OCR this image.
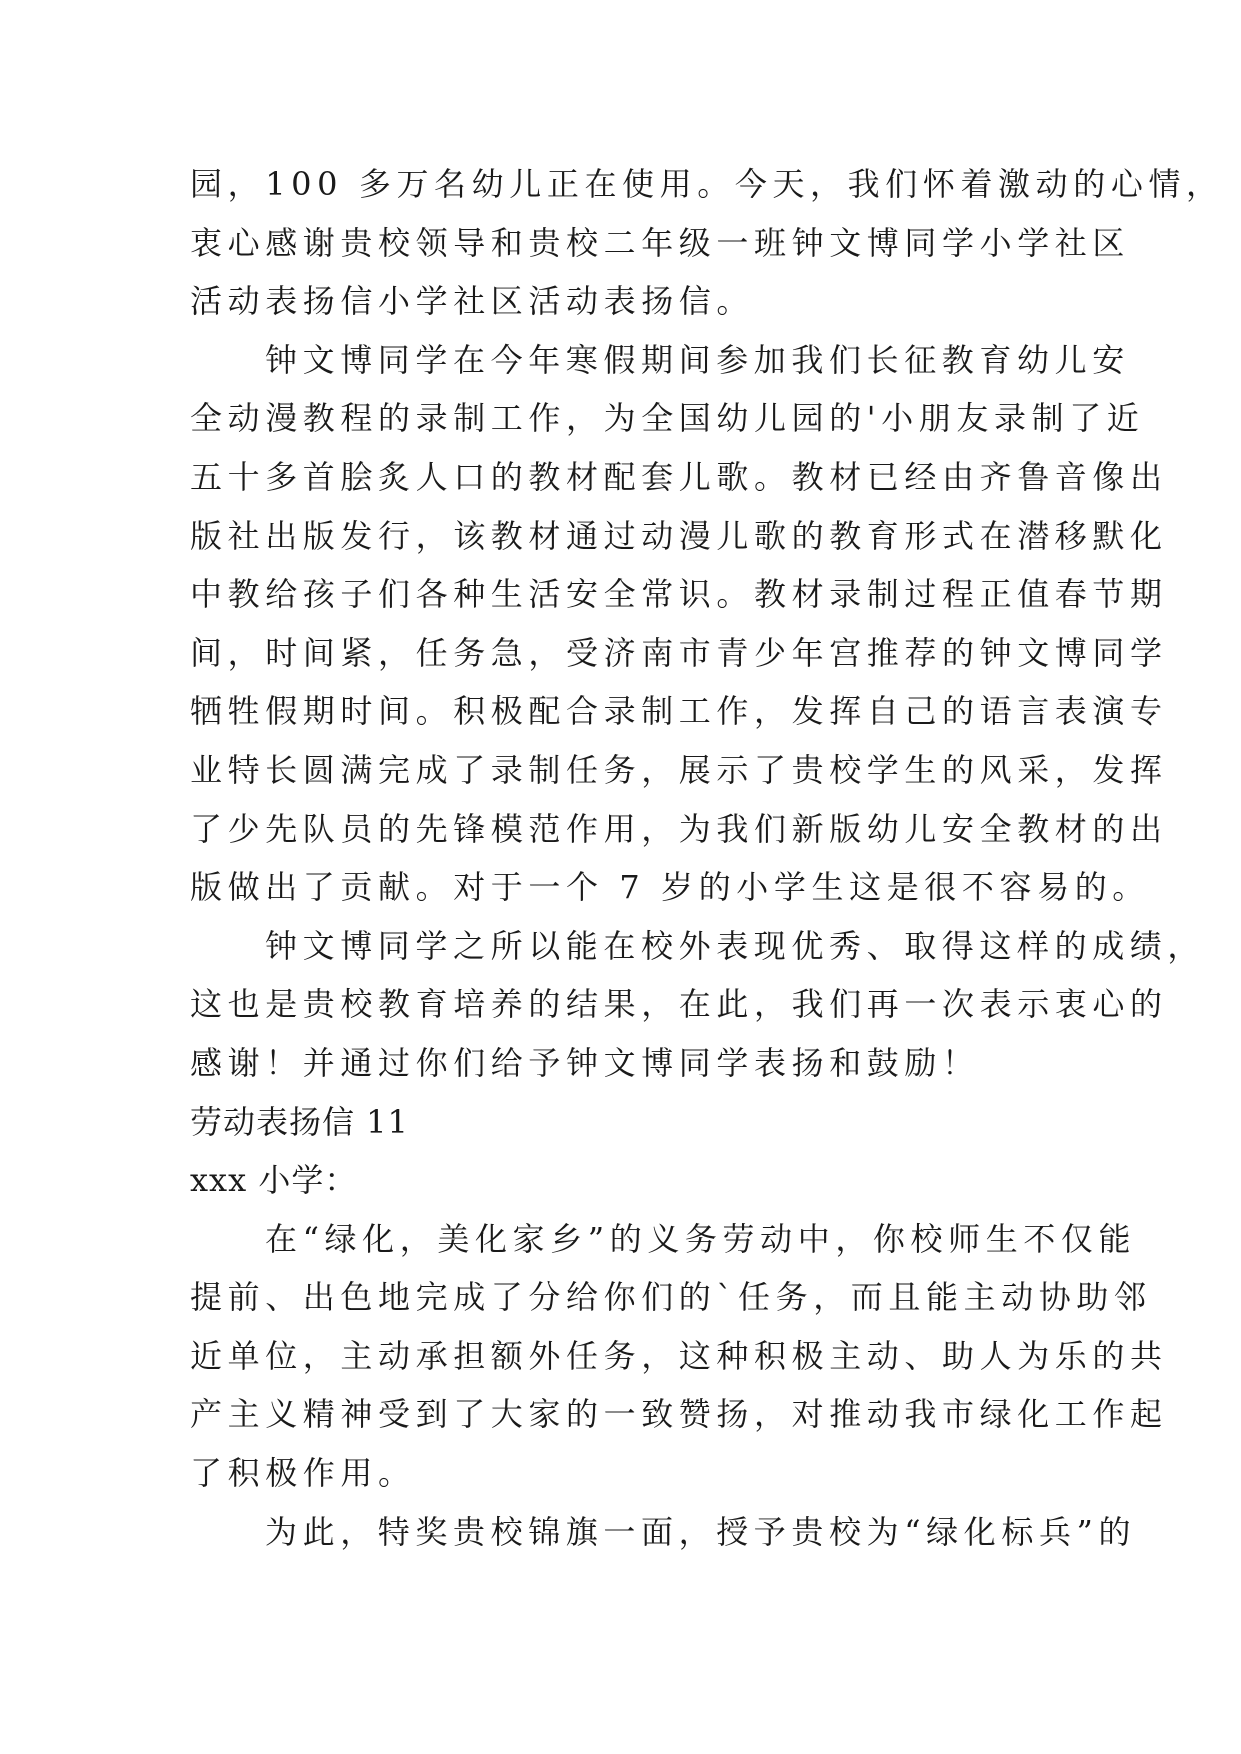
园，100 多万名幼儿正在使用。今天，我们怀着激动的心情，
衷心感谢贵校领导和贵校二年级一班钟文博同学小学社区
活动表扬信小学社区活动表扬信。
钟文博同学在今年寒假期间参加我们长征教育幼儿安
全动漫教程的录制工作，为全国幼儿园的'小朋友录制了近
五十多首脍炙人口的教材配套儿歌。教材已经由齐鲁音像出
版社出版发行，该教材通过动漫儿歌的教育形式在潜移默化
中教给孩子们各种生活安全常识。教材录制过程正值春节期
间，时间紧，任务急，受济南市青少年宫推荐的钟文博同学
牺牲假期时间。积极配合录制工作，发挥自己的语言表演专
业特长圆满完成了录制任务，展示了贵校学生的风采，发挥
了少先队员的先锋模范作用，为我们新版幼儿安全教材的出
版做出了贡献。对于一个 7 岁的小学生这是很不容易的。
钟文博同学之所以能在校外表现优秀、取得这样的成绩，
这也是贵校教育培养的结果，在此，我们再一次表示衷心的
感谢！并通过你们给予钟文博同学表扬和鼓励！
劳动表扬信 11
xxx 小学：
在“绿化，美化家乡”的义务劳动中，你校师生不仅能
提前、出色地完成了分给你们的`任务，而且能主动协助邻
近单位，主动承担额外任务，这种积极主动、助人为乐的共
产主义精神受到了大家的一致赞扬，对推动我市绿化工作起
了积极作用。
为此，特奖贵校锦旗一面，授予贵校为“绿化标兵”的
